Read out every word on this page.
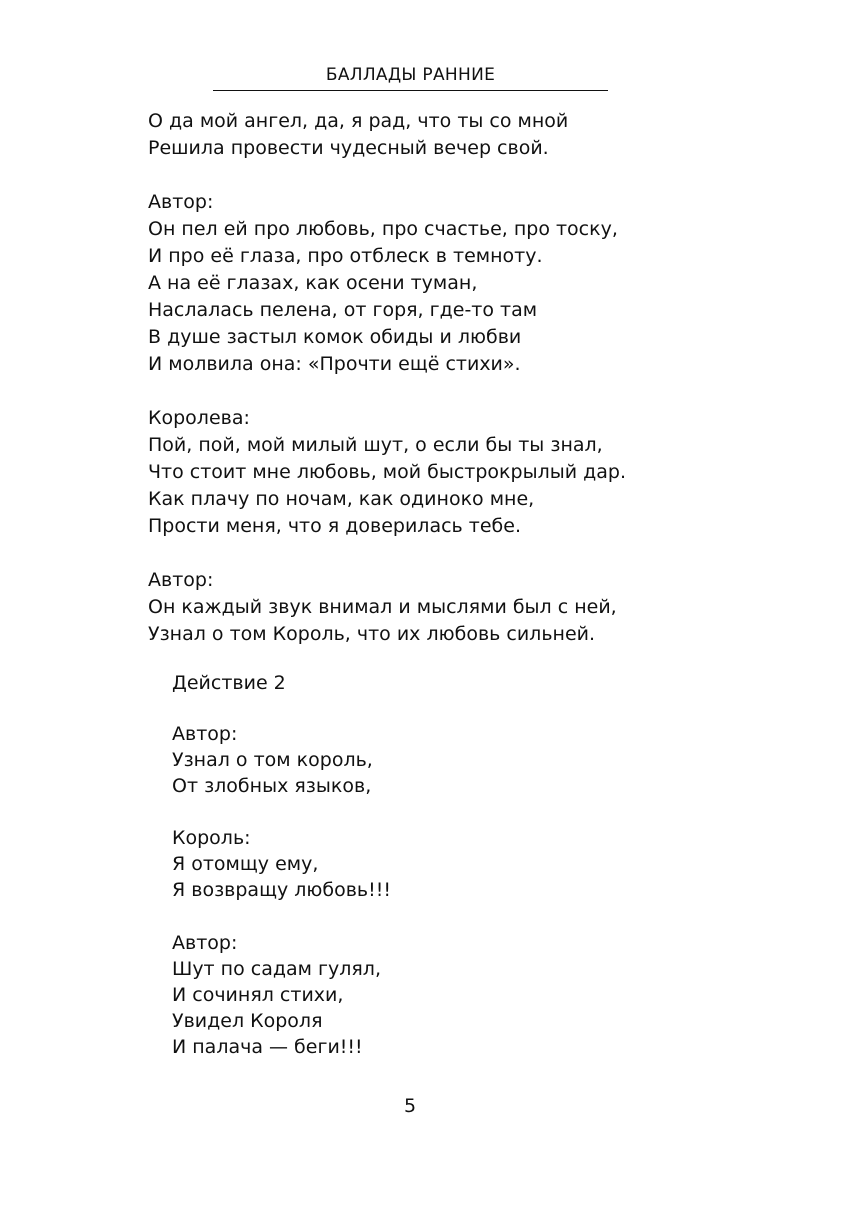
БАЛЛАДЫ РАННИЕ
О да мой ангел, да, я рад, что ты со мной
Решила провести чудесный вечер свой.
Автор:
Он пел ей про любовь, про счастье, про тоску,
И про её глаза, про отблеск в темноту.
А на её глазах, как осени туман,
Наслалась пелена, от горя, где-то там
В душе застыл комок обиды и любви
И молвила она: «Прочти ещё стихи».
Королева:
Пой, пой, мой милый шут, о если бы ты знал,
Что стоит мне любовь, мой быстрокрылый дар.
Как плачу по ночам, как одиноко мне,
Прости меня, что я доверилась тебе.
Автор:
Он каждый звук внимал и мыслями был с ней,
Узнал о том Король, что их любовь сильней.
Действие 2
Автор:
Узнал о том король,
От злобных языков,
Король:
Я отомщу ему,
Я возвращу любовь!!!
Автор:
Шут по садам гулял,
И сочинял стихи,
Увидел Короля
И палача — беги!!!
5
